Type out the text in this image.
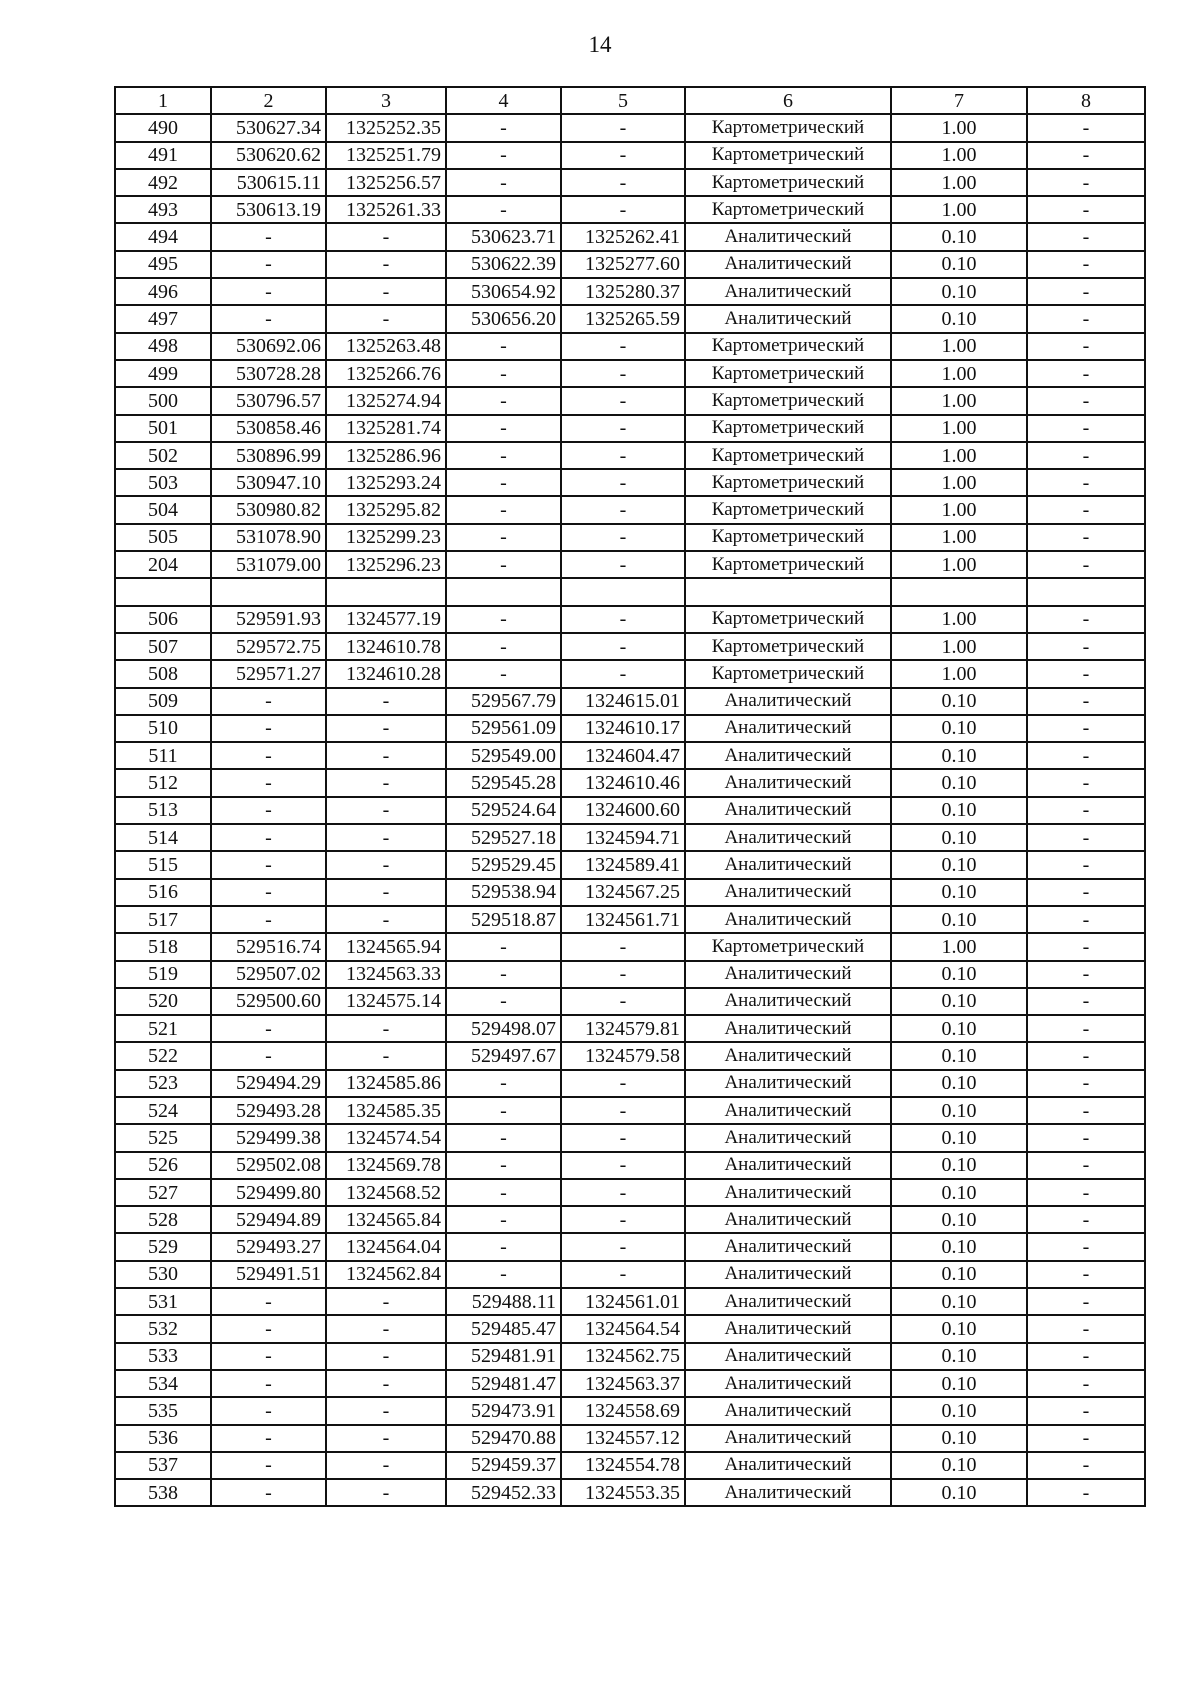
14
1	2	3	4	5	6	7	8
490	530627.34	1325252.35	-	-	Картометрический	1.00	-
491	530620.62	1325251.79	-	-	Картометрический	1.00	-
492	530615.11	1325256.57	-	-	Картометрический	1.00	-
493	530613.19	1325261.33	-	-	Картометрический	1.00	-
494	-	-	530623.71	1325262.41	Аналитический	0.10	-
495	-	-	530622.39	1325277.60	Аналитический	0.10	-
496	-	-	530654.92	1325280.37	Аналитический	0.10	-
497	-	-	530656.20	1325265.59	Аналитический	0.10	-
498	530692.06	1325263.48	-	-	Картометрический	1.00	-
499	530728.28	1325266.76	-	-	Картометрический	1.00	-
500	530796.57	1325274.94	-	-	Картометрический	1.00	-
501	530858.46	1325281.74	-	-	Картометрический	1.00	-
502	530896.99	1325286.96	-	-	Картометрический	1.00	-
503	530947.10	1325293.24	-	-	Картометрический	1.00	-
504	530980.82	1325295.82	-	-	Картометрический	1.00	-
505	531078.90	1325299.23	-	-	Картометрический	1.00	-
204	531079.00	1325296.23	-	-	Картометрический	1.00	-

506	529591.93	1324577.19	-	-	Картометрический	1.00	-
507	529572.75	1324610.78	-	-	Картометрический	1.00	-
508	529571.27	1324610.28	-	-	Картометрический	1.00	-
509	-	-	529567.79	1324615.01	Аналитический	0.10	-
510	-	-	529561.09	1324610.17	Аналитический	0.10	-
511	-	-	529549.00	1324604.47	Аналитический	0.10	-
512	-	-	529545.28	1324610.46	Аналитический	0.10	-
513	-	-	529524.64	1324600.60	Аналитический	0.10	-
514	-	-	529527.18	1324594.71	Аналитический	0.10	-
515	-	-	529529.45	1324589.41	Аналитический	0.10	-
516	-	-	529538.94	1324567.25	Аналитический	0.10	-
517	-	-	529518.87	1324561.71	Аналитический	0.10	-
518	529516.74	1324565.94	-	-	Картометрический	1.00	-
519	529507.02	1324563.33	-	-	Аналитический	0.10	-
520	529500.60	1324575.14	-	-	Аналитический	0.10	-
521	-	-	529498.07	1324579.81	Аналитический	0.10	-
522	-	-	529497.67	1324579.58	Аналитический	0.10	-
523	529494.29	1324585.86	-	-	Аналитический	0.10	-
524	529493.28	1324585.35	-	-	Аналитический	0.10	-
525	529499.38	1324574.54	-	-	Аналитический	0.10	-
526	529502.08	1324569.78	-	-	Аналитический	0.10	-
527	529499.80	1324568.52	-	-	Аналитический	0.10	-
528	529494.89	1324565.84	-	-	Аналитический	0.10	-
529	529493.27	1324564.04	-	-	Аналитический	0.10	-
530	529491.51	1324562.84	-	-	Аналитический	0.10	-
531	-	-	529488.11	1324561.01	Аналитический	0.10	-
532	-	-	529485.47	1324564.54	Аналитический	0.10	-
533	-	-	529481.91	1324562.75	Аналитический	0.10	-
534	-	-	529481.47	1324563.37	Аналитический	0.10	-
535	-	-	529473.91	1324558.69	Аналитический	0.10	-
536	-	-	529470.88	1324557.12	Аналитический	0.10	-
537	-	-	529459.37	1324554.78	Аналитический	0.10	-
538	-	-	529452.33	1324553.35	Аналитический	0.10	-
